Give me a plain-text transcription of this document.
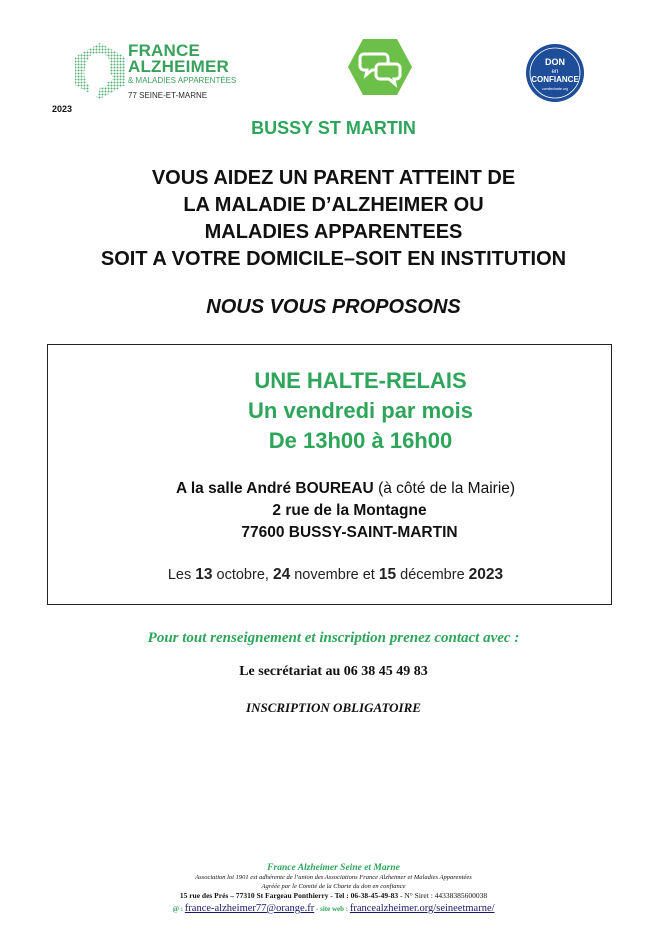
FRANCE
ALZHEIMER
& MALADIES APPARENTÉES
77 SEINE-ET-MARNE
DON
en
CONFIANCE
comitecharte.org
2023
BUSSY ST MARTIN
VOUS AIDEZ UN PARENT ATTEINT DE
LA MALADIE D’ALZHEIMER OU
MALADIES APPARENTEES
SOIT A VOTRE DOMICILE–SOIT EN INSTITUTION
NOUS VOUS PROPOSONS
UNE HALTE-RELAIS
Un vendredi par mois
De 13h00 à 16h00
A la salle André BOUREAU (à côté de la Mairie)
2 rue de la Montagne
77600 BUSSY-SAINT-MARTIN
Les 13 octobre, 24 novembre et 15 décembre 2023
Pour tout renseignement et inscription prenez contact avec :
Le secrétariat au 06 38 45 49 83
INSCRIPTION OBLIGATOIRE
France Alzheimer Seine et Marne
Association loi 1901 est adhérente de l’union des Associations France Alzheimer et Maladies Apparentées
Agréée par le Comité de la Charte du don en confiance
15 rue des Prés – 77310 St Fargeau Ponthierry - Tel : 06-38-45-49-83 - N° Siret : 44338385600038
@ : france-alzheimer77@orange.fr - site web : francealzheimer.org/seineetmarne/
